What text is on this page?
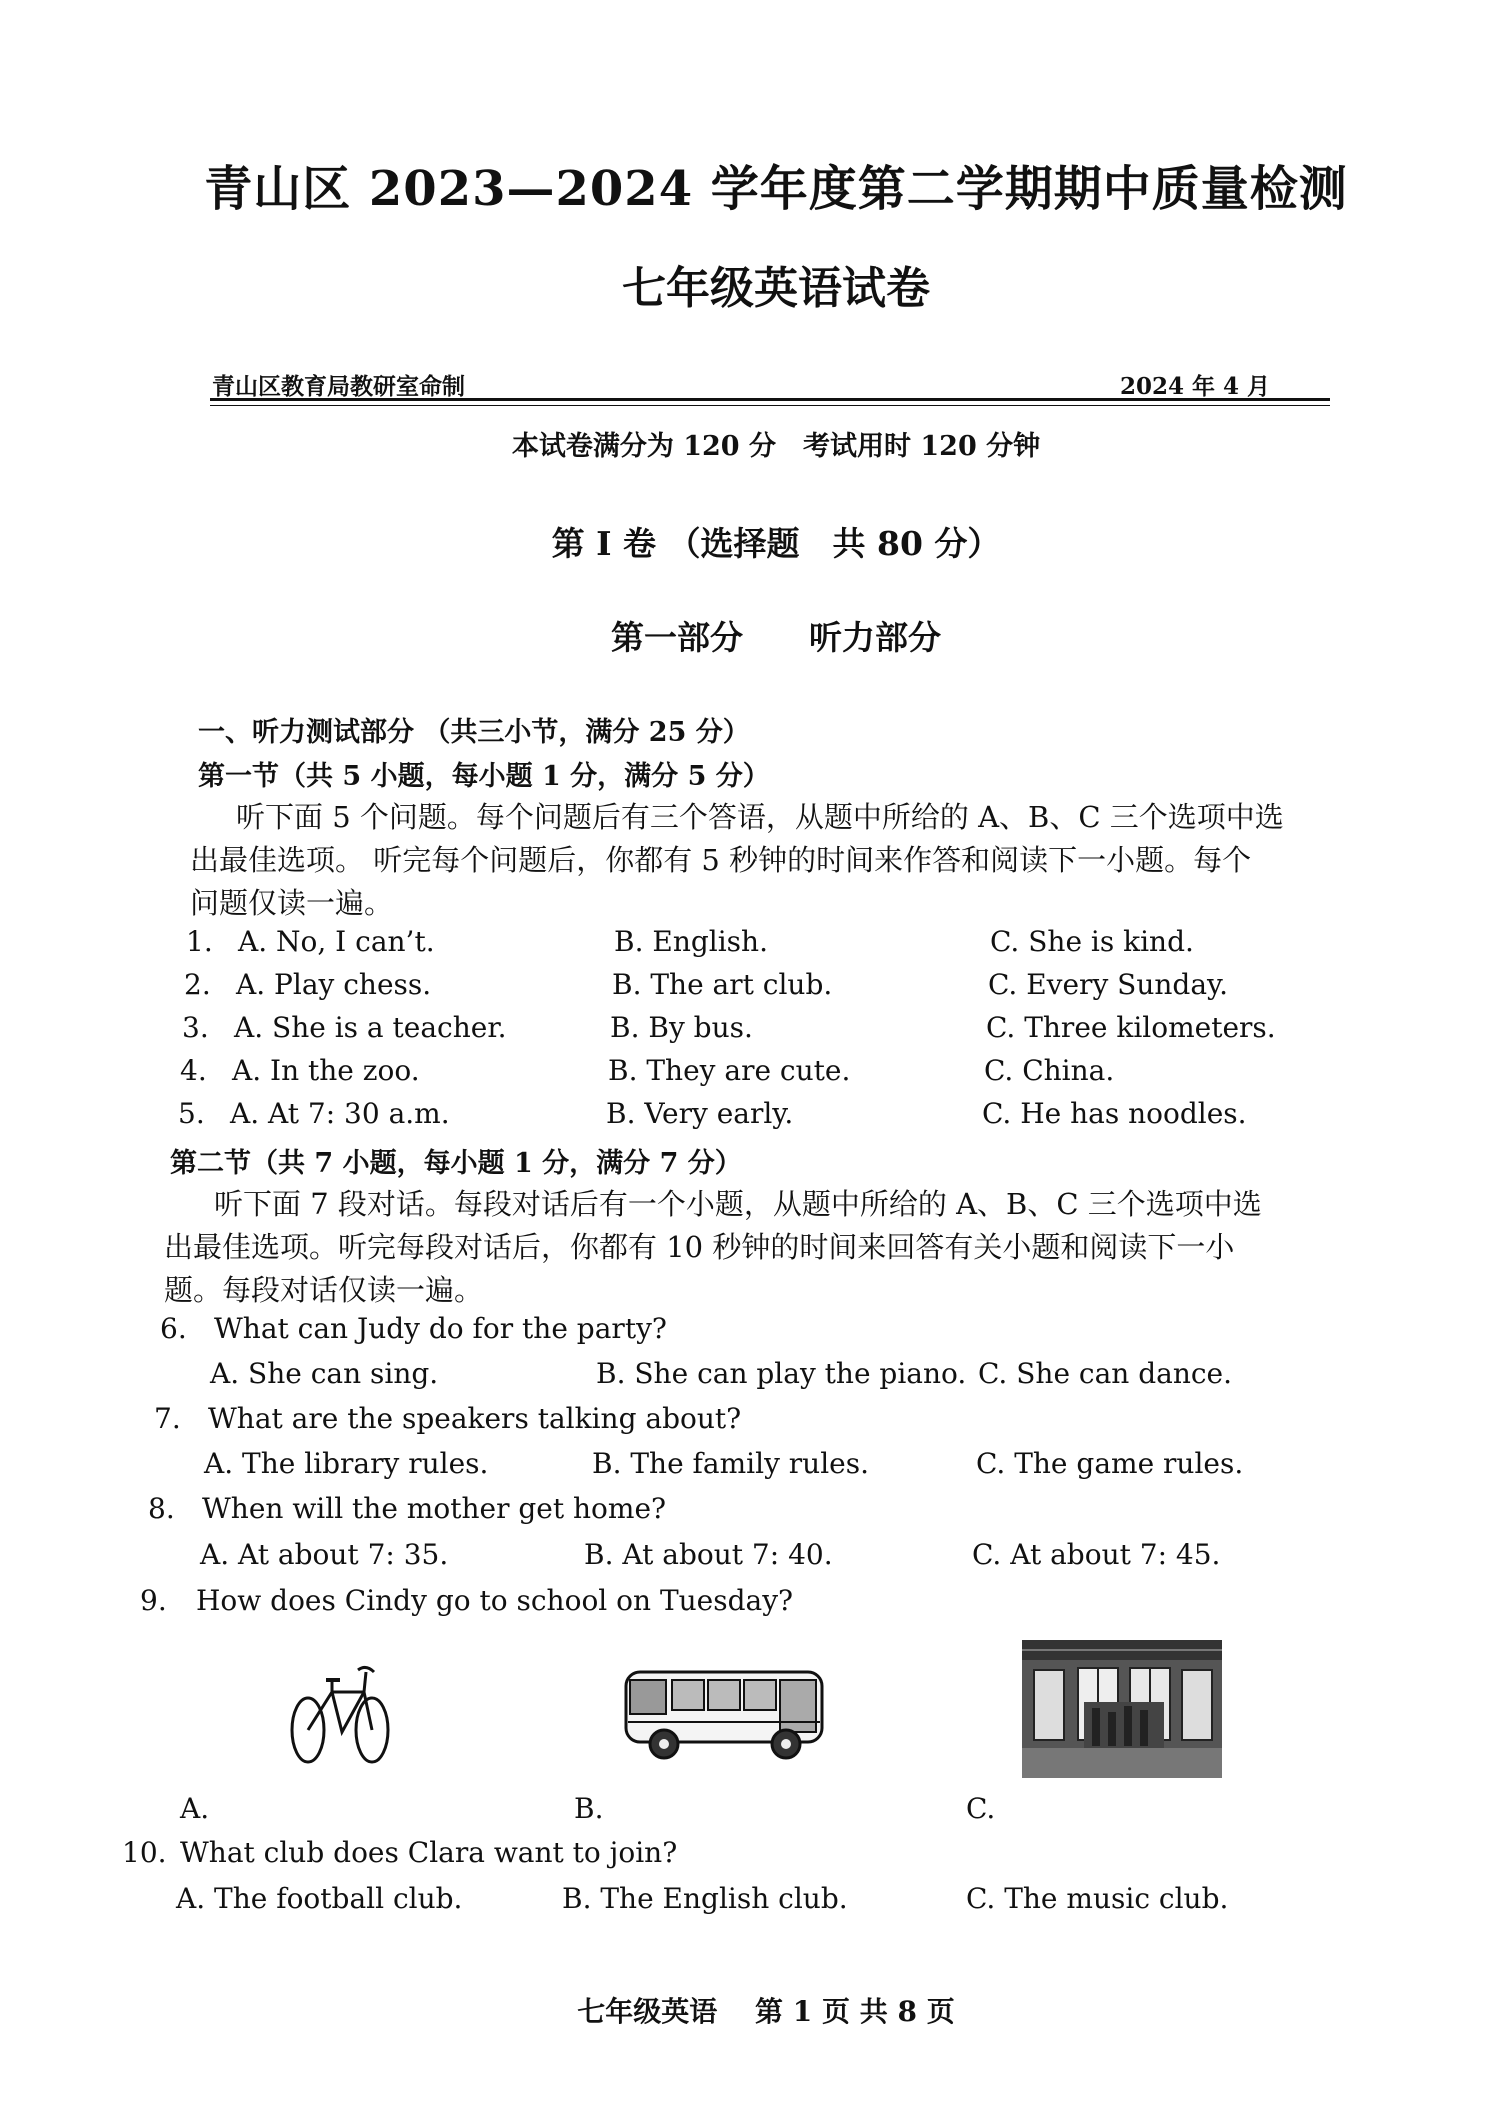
青山区 2023—2024 学年度第二学期期中质量检测
七年级英语试卷
青山区教育局教研室命制	2024 年 4 月
本试卷满分为 120 分　考试用时 120 分钟
第 I 卷 （选择题　共 80 分）
第一部分　　听力部分
一、听力测试部分 （共三小节，满分 25 分）
第一节（共 5 小题，每小题 1 分，满分 5 分）
听下面 5 个问题。每个问题后有三个答语，从题中所给的 A、B、C 三个选项中选
出最佳选项。 听完每个问题后，你都有 5 秒钟的时间来作答和阅读下一小题。每个
问题仅读一遍。
1. A. No, I can’t.	B. English.	C. She is kind.
2. A. Play chess.	B. The art club.	C. Every Sunday.
3. A. She is a teacher.	B. By bus.	C. Three kilometers.
4. A. In the zoo.	B. They are cute.	C. China.
5. A. At 7: 30 a.m.	B. Very early.	C. He has noodles.
第二节（共 7 小题，每小题 1 分，满分 7 分）
听下面 7 段对话。每段对话后有一个小题，从题中所给的 A、B、C 三个选项中选
出最佳选项。听完每段对话后，你都有 10 秒钟的时间来回答有关小题和阅读下一小
题。每段对话仅读一遍。
6. What can Judy do for the party?
A. She can sing.	B. She can play the piano. C. She can dance.
7. What are the speakers talking about?
A. The library rules.	B. The family rules.	C. The game rules.
8. When will the mother get home?
A. At about 7: 35.	B. At about 7: 40.	C. At about 7: 45.
9. How does Cindy go to school on Tuesday?
A.	B.	C.
10. What club does Clara want to join?
A. The football club.	B. The English club.	C. The music club.
七年级英语　 第 1 页 共 8 页
